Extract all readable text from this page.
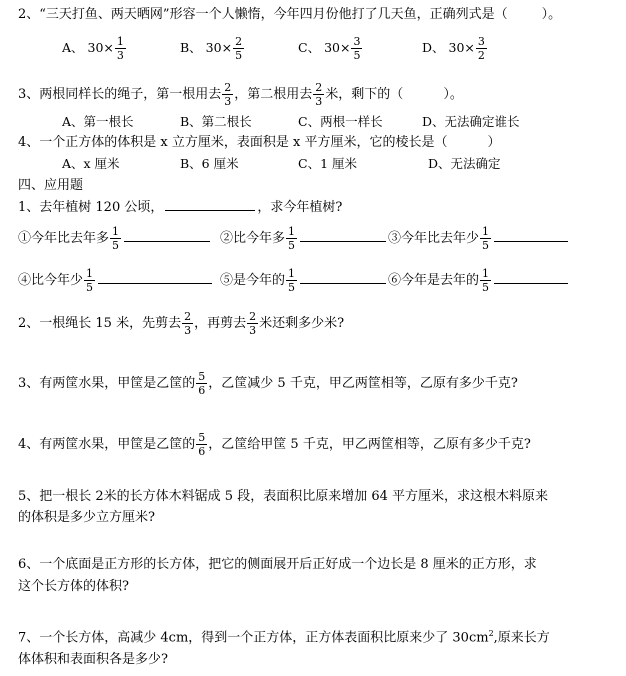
2、“三天打鱼、两天晒网”形容一个人懒惰，今年四月份他打了几天鱼，正确列式是（	）。
A、 $30\times \frac{1}{3}$	B、 $30\times \frac{2}{5}$	C、 $30\times \frac{3}{5}$	D、 $30\times \frac{3}{2}$
3、两根同样长的绳子，第一根用去 $\frac{2}{3}$ ，第二根用去 $\frac{2}{3}$ 米，剩下的（	）。
A、第一根长	B、第二根长	C、两根一样长	D、无法确定谁长
4、一个正方体的体积是 x 立方厘米，表面积是 x 平方厘米，它的棱长是（	）
A、x 厘米	B、6 厘米	C、1 厘米	D、无法确定
四、应用题
1、去年植树 120 公顷，	，求今年植树?
①今年比去年多 $\frac{1}{5}$	②比今年多 $\frac{1}{5}$	③今年比去年少 $\frac{1}{5}$
④比今年少 $\frac{1}{5}$	⑤是今年的 $\frac{1}{5}$	⑥今年是去年的 $\frac{1}{5}$
2、一根绳长 15 米，先剪去 $\frac{2}{3}$ ，再剪去 $\frac{2}{3}$ 米还剩多少米?
3、有两筐水果，甲筐是乙筐的 $\frac{5}{6}$ ，乙筐减少 5 千克，甲乙两筐相等，乙原有多少千克?
4、有两筐水果，甲筐是乙筐的 $\frac{5}{6}$ ，乙筐给甲筐 5 千克，甲乙两筐相等，乙原有多少千克?
5、把一根长 2米的长方体木料锯成 5 段，表面积比原来增加 64 平方厘米，求这根木料原来
的体积是多少立方厘米?
6、一个底面是正方形的长方体，把它的侧面展开后正好成一个边长是 8 厘米的正方形，求
这个长方体的体积?
7、一个长方体，高减少 4cm，得到一个正方体，正方体表面积比原来少了 $30cm^2$,原来长方
体体积和表面积各是多少?
